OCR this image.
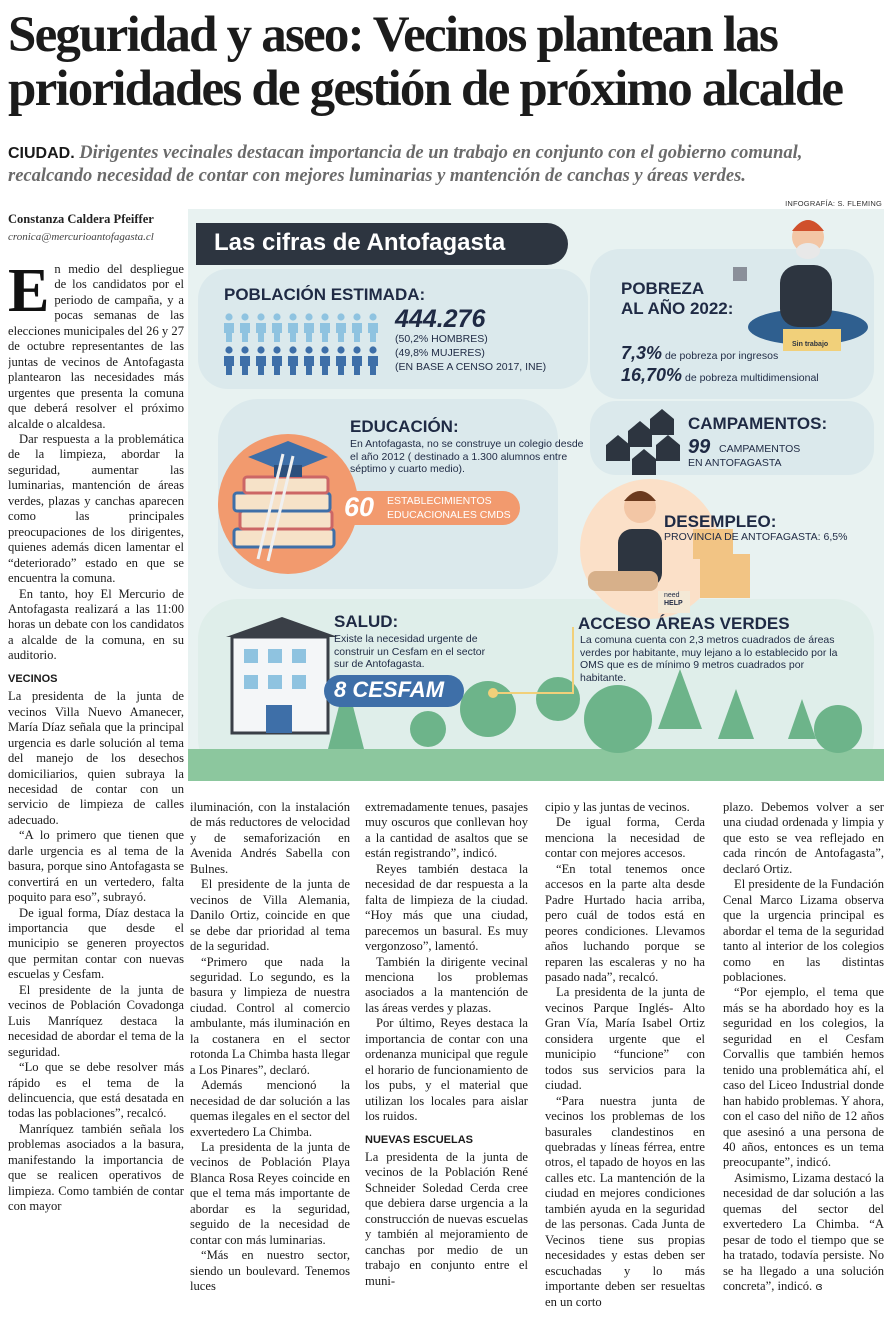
Seguridad y aseo: Vecinos plantean las prioridades de gestión de próximo alcalde
CIUDAD. Dirigentes vecinales destacan importancia de un trabajo en conjunto con el gobierno comunal, recalcando necesidad de contar con mejores luminarias y mantención de canchas y áreas verdes.
INFOGRAFÍA: S. FLEMING
Constanza Caldera Pfeiffer
cronica@mercurioantofagasta.cl
E n medio del despliegue de los candidatos por el periodo de campaña, y a pocas semanas de las elecciones municipales del 26 y 27 de octubre representantes de las juntas de vecinos de Antofagasta plantearon las necesidades más urgentes que presenta la comuna que deberá resolver el próximo alcalde o alcaldesa.

Dar respuesta a la problemática de la limpieza, abordar la seguridad, aumentar las luminarias, mantención de áreas verdes, plazas y canchas aparecen como las principales preocupaciones de los dirigentes, quienes además dicen lamentar el “deteriorado” estado en que se encuentra la comuna.

En tanto, hoy El Mercurio de Antofagasta realizará a las 11:00 horas un debate con los candidatos a alcalde de la comuna, en su auditorio.

VECINOS

La presidenta de la junta de vecinos Villa Nuevo Amanecer, María Díaz señala que la principal urgencia es darle solución al tema del manejo de los desechos domiciliarios, quien subraya la necesidad de contar con un servicio de limpieza de calles adecuado.

“A lo primero que tienen que darle urgencia es al tema de la basura, porque sino Antofagasta se convertirá en un vertedero, falta poquito para eso”, subrayó.

De igual forma, Díaz destaca la importancia que desde el municipio se generen proyectos que permitan contar con nuevas escuelas y Cesfam.

El presidente de la junta de vecinos de Población Covadonga Luis Manríquez destaca la necesidad de abordar el tema de la seguridad.

“Lo que se debe resolver más rápido es el tema de la delincuencia, que está desatada en todas las poblaciones”, recalcó.

Manríquez también señala los problemas asociados a la basura, manifestando la importancia de que se realicen operativos de limpieza. Como también de contar con mayor

iluminación, con la instalación de más reductores de velocidad y de semaforización en Avenida Andrés Sabella con Bulnes.

El presidente de la junta de vecinos de Villa Alemania, Danilo Ortiz, coincide en que se debe dar prioridad al tema de la seguridad.

“Primero que nada la seguridad. Lo segundo, es la basura y limpieza de nuestra ciudad. Control al comercio ambulante, más iluminación en la costanera en el sector rotonda La Chimba hasta llegar a Los Pinares”, declaró.

Además mencionó la necesidad de dar solución a las quemas ilegales en el sector del exvertedero La Chimba.

La presidenta de la junta de vecinos de Población Playa Blanca Rosa Reyes coincide en que el tema más importante de abordar es la seguridad, seguido de la necesidad de contar con más luminarias.

“Más en nuestro sector, siendo un boulevard. Tenemos luces

extremadamente tenues, pasajes muy oscuros que conllevan hoy a la cantidad de asaltos que se están registrando”, indicó.

Reyes también destaca la necesidad de dar respuesta a la falta de limpieza de la ciudad. “Hoy más que una ciudad, parecemos un basural. Es muy vergonzoso”, lamentó.

También la dirigente vecinal menciona los problemas asociados a la mantención de las áreas verdes y plazas.

Por último, Reyes destaca la importancia de contar con una ordenanza municipal que regule el horario de funcionamiento de los pubs, y el material que utilizan los locales para aislar los ruidos.

NUEVAS ESCUELAS

La presidenta de la junta de vecinos de la Población René Schneider Soledad Cerda cree que debiera darse urgencia a la construcción de nuevas escuelas y también al mejoramiento de canchas por medio de un trabajo en conjunto entre el muni-

cipio y las juntas de vecinos.

De igual forma, Cerda menciona la necesidad de contar con mejores accesos.

“En total tenemos once accesos en la parte alta desde Padre Hurtado hacia arriba, pero cuál de todos está en peores condiciones. Llevamos años luchando porque se reparen las escaleras y no ha pasado nada”, recalcó.

La presidenta de la junta de vecinos Parque Inglés- Alto Gran Vía, María Isabel Ortiz considera urgente que el municipio “funcione” con todos sus servicios para la ciudad.

“Para nuestra junta de vecinos los problemas de los basurales clandestinos en quebradas y líneas férrea, entre otros, el tapado de hoyos en las calles etc. La mantención de la ciudad en mejores condiciones también ayuda en la seguridad de las personas. Cada Junta de Vecinos tiene sus propias necesidades y estas deben ser escuchadas y lo más importante deben ser resueltas en un corto

plazo. Debemos volver a ser una ciudad ordenada y limpia y que esto se vea reflejado en cada rincón de Antofagasta”, declaró Ortiz.

El presidente de la Fundación Cenal Marco Lizama observa que la urgencia principal es abordar el tema de la seguridad tanto al interior de los colegios como en las distintas poblaciones.

“Por ejemplo, el tema que más se ha abordado hoy es la seguridad en los colegios, la seguridad en el Cesfam Corvallis que también hemos tenido una problemática ahí, el caso del Liceo Industrial donde han habido problemas. Y ahora, con el caso del niño de 12 años que asesinó a una persona de 40 años, entonces es un tema preocupante”, indicó.

Asimismo, Lizama destacó la necesidad de dar solución a las quemas del sector del exvertedero La Chimba. “A pesar de todo el tiempo que se ha tratado, todavía persiste. No se ha llegado a una solución concreta”, indicó. ɞ

Las cifras de Antofagasta
POBLACIÓN ESTIMADA:
444.276
(50,2% HOMBRES)
(49,8% MUJERES)
(EN BASE A CENSO 2017, INE)
POBREZA
AL AÑO 2022:
Sin trabajo
7,3% de pobreza por ingresos
16,70% de pobreza multidimensional
EDUCACIÓN:
En Antofagasta, no se construye un colegio desde el año 2012 ( destinado a 1.300 alumnos entre séptimo y cuarto medio).
60 ESTABLECIMIENTOS
EDUCACIONALES CMDS
CAMPAMENTOS:
99 CAMPAMENTOS
EN ANTOFAGASTA
DESEMPLEO:
PROVINCIA DE ANTOFAGASTA: 6,5%
need
HELP
SALUD:
Existe la necesidad urgente de construir un Cesfam en el sector sur de Antofagasta.
8 CESFAM
ACCESO ÁREAS VERDES
La comuna cuenta con 2,3 metros cuadrados de áreas verdes por habitante, muy lejano a lo establecido por la OMS que es de mínimo 9 metros cuadrados por habitante.
